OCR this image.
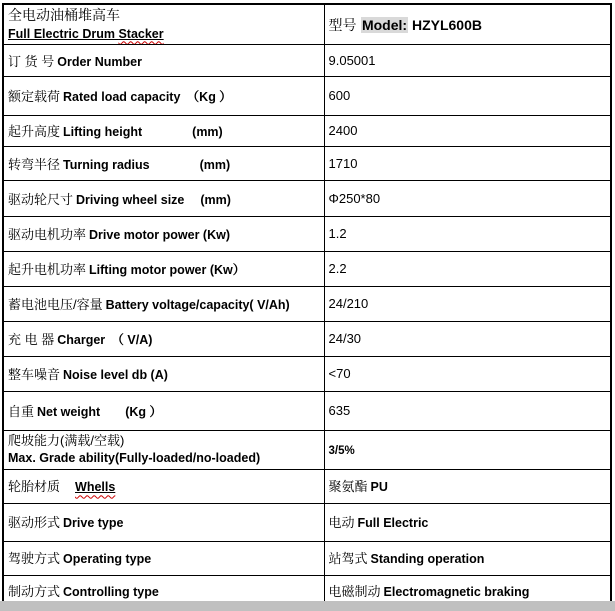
全电动油桶堆高车
Full Electric Drum Stacker	型号 Model: HZYL600B
订 货 号 Order Number	9.05001
额定载荷 Rated load capacity　（Kg ）	600
起升高度 Lifting height　　　　(mm)	2400
转弯半径 Turning radius　　　　(mm)	1710
驱动轮尺寸 Driving wheel size　 (mm)	Φ250*80
驱动电机功率 Drive motor power (Kw)	1.2
起升电机功率 Lifting motor power (Kw）	2.2
蓄电池电压/容量 Battery voltage/capacity( V/Ah)	24/210
充 电 器 Charger　（ V/A)	24/30
整车噪音 Noise level db (A)	<70
自重 Net weight　　(Kg ）	635

爬坡能力(满载/空载)
Max. Grade ability(Fully-loaded/no-loaded)	3/5%
轮胎材质 Whells	聚氨酯 PU
驱动形式 Drive type	电动 Full Electric
驾驶方式 Operating type	站驾式 Standing operation
制动方式 Controlling type	电磁制动 Electromagnetic braking
